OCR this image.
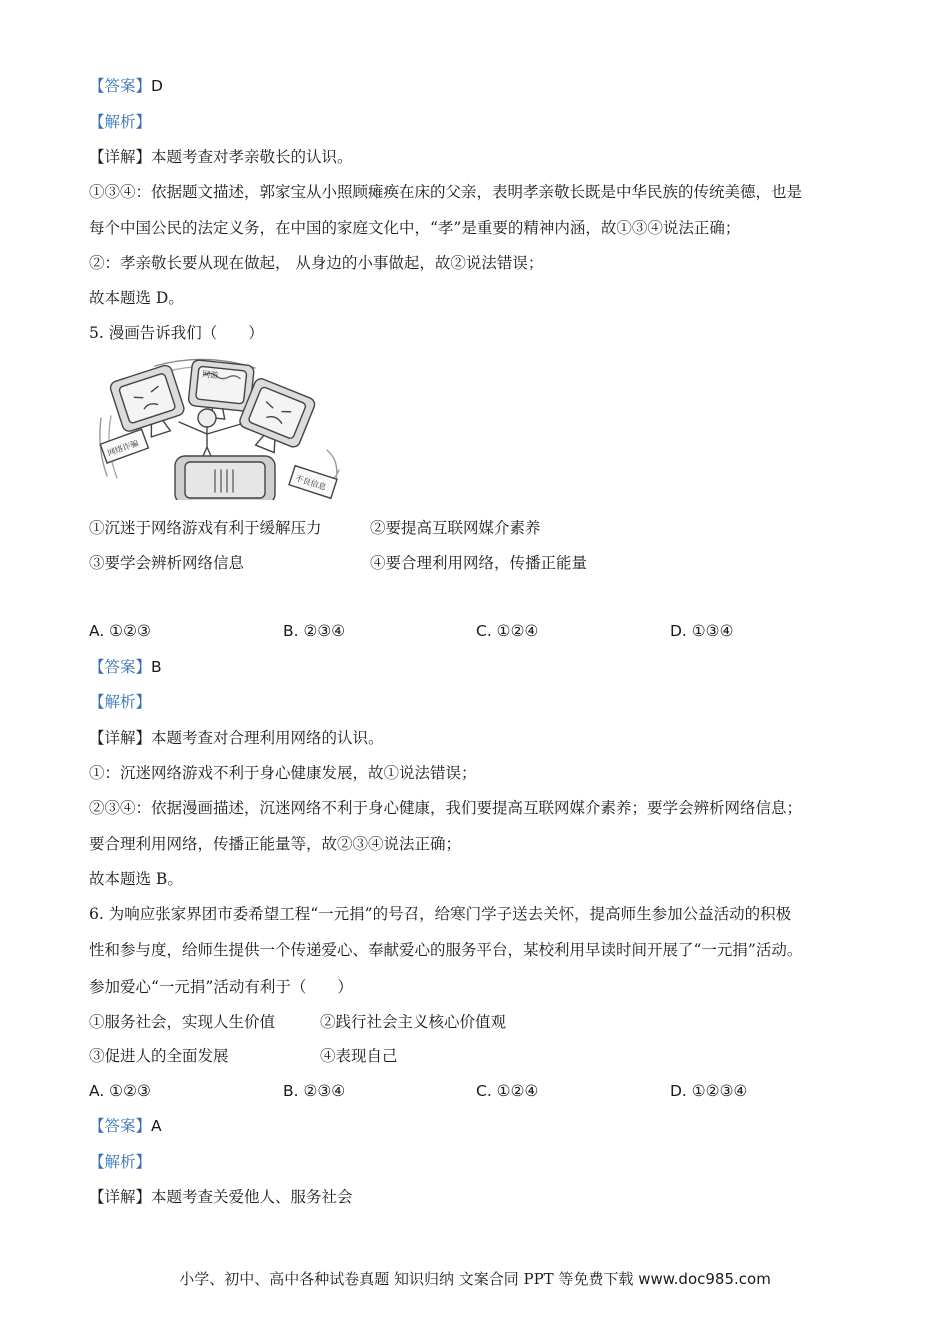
【答案】D
【解析】
【详解】本题考查对孝亲敬长的认识。
①③④：依据题文描述，郭家宝从小照顾瘫痪在床的父亲，表明孝亲敬长既是中华民族的传统美德，也是
每个中国公民的法定义务，在中国的家庭文化中，“孝”是重要的精神内涵，故①③④说法正确；
②：孝亲敬长要从现在做起， 从身边的小事做起，故②说法错误；
故本题选 D。
5. 漫画告诉我们（　　）
网游
网络诈骗
不良信息
①沉迷于网络游戏有利于缓解压力	②要提高互联网媒介素养
③要学会辨析网络信息	④要合理利用网络，传播正能量
A. ①②③	B. ②③④	C. ①②④	D. ①③④
【答案】B
【解析】
【详解】本题考查对合理利用网络的认识。
①：沉迷网络游戏不利于身心健康发展，故①说法错误；
②③④：依据漫画描述，沉迷网络不利于身心健康，我们要提高互联网媒介素养；要学会辨析网络信息；
要合理利用网络，传播正能量等，故②③④说法正确；
故本题选 B。
6. 为响应张家界团市委希望工程“一元捐”的号召，给寒门学子送去关怀，提高师生参加公益活动的积极
性和参与度，给师生提供一个传递爱心、奉献爱心的服务平台，某校利用早读时间开展了“一元捐”活动。
参加爱心“一元捐”活动有利于（　　）
①服务社会，实现人生价值	②践行社会主义核心价值观
③促进人的全面发展	④表现自己
A. ①②③	B. ②③④	C. ①②④	D. ①②③④
【答案】A
【解析】
【详解】本题考查关爱他人、服务社会
小学、初中、高中各种试卷真题 知识归纳 文案合同 PPT 等免费下载 www.doc985.com
